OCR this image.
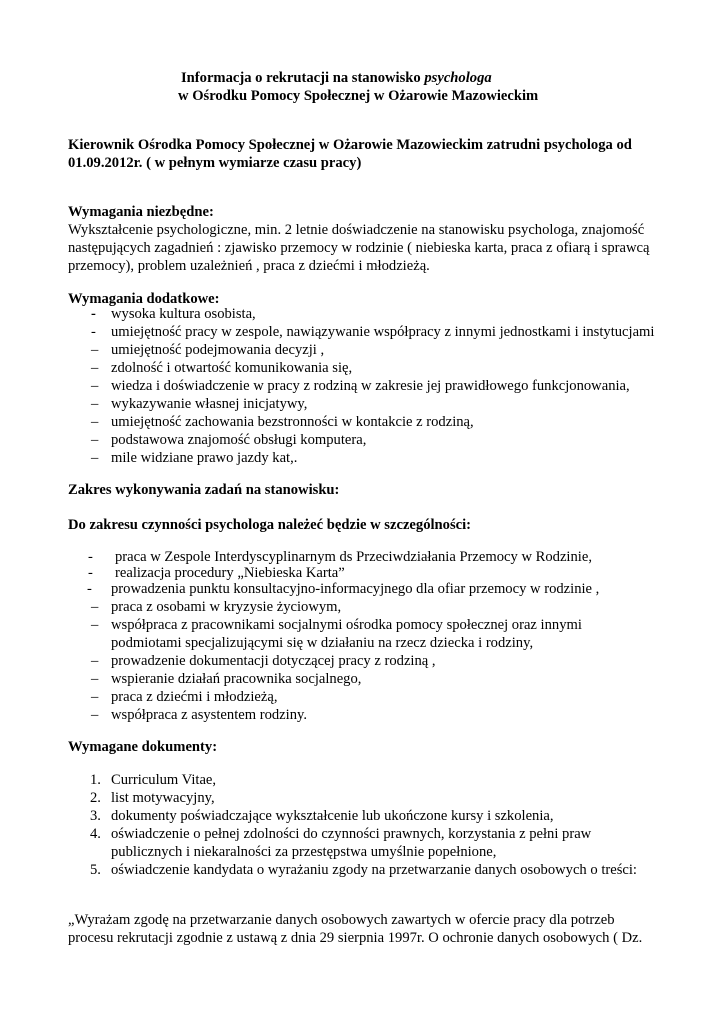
Informacja o rekrutacji na stanowisko psychologa
w Ośrodku Pomocy Społecznej w Ożarowie Mazowieckim
Kierownik Ośrodka Pomocy Społecznej w Ożarowie Mazowieckim zatrudni psychologa od
01.09.2012r. ( w pełnym wymiarze czasu pracy)
Wymagania niezbędne:
Wykształcenie psychologiczne, min. 2 letnie doświadczenie na stanowisku psychologa, znajomość
następujących zagadnień : zjawisko przemocy w rodzinie ( niebieska karta, praca z ofiarą i sprawcą
przemocy), problem uzależnień , praca z dziećmi i młodzieżą.
Wymagania dodatkowe:
- wysoka kultura osobista,
- umiejętność pracy w zespole, nawiązywanie współpracy z innymi jednostkami i instytucjami
– umiejętność podejmowania decyzji ,
– zdolność i otwartość komunikowania się,
– wiedza i doświadczenie w pracy z rodziną w zakresie jej prawidłowego funkcjonowania,
– wykazywanie własnej inicjatywy,
– umiejętność zachowania bezstronności w kontakcie z rodziną,
– podstawowa znajomość obsługi komputera,
– mile widziane prawo jazdy kat,.
Zakres wykonywania zadań na stanowisku:
Do zakresu czynności psychologa należeć będzie w szczególności:
- praca w Zespole Interdyscyplinarnym ds Przeciwdziałania Przemocy w Rodzinie,
- realizacja procedury „Niebieska Karta”
- prowadzenia punktu konsultacyjno-informacyjnego dla ofiar przemocy w rodzinie ,
– praca z osobami w kryzysie życiowym,
– współpraca z pracownikami socjalnymi ośrodka pomocy społecznej oraz innymi
podmiotami specjalizującymi się w działaniu na rzecz dziecka i rodziny,
– prowadzenie dokumentacji dotyczącej pracy z rodziną ,
– wspieranie działań pracownika socjalnego,
– praca z dziećmi i młodzieżą,
– współpraca z asystentem rodziny.
Wymagane dokumenty:
1. Curriculum Vitae,
2. list motywacyjny,
3. dokumenty poświadczające wykształcenie lub ukończone kursy i szkolenia,
4. oświadczenie o pełnej zdolności do czynności prawnych, korzystania z pełni praw
publicznych i niekaralności za przestępstwa umyślnie popełnione,
5. oświadczenie kandydata o wyrażaniu zgody na przetwarzanie danych osobowych o treści:
„Wyrażam zgodę na przetwarzanie danych osobowych zawartych w ofercie pracy dla potrzeb
procesu rekrutacji zgodnie z ustawą z dnia 29 sierpnia 1997r. O ochronie danych osobowych ( Dz.
